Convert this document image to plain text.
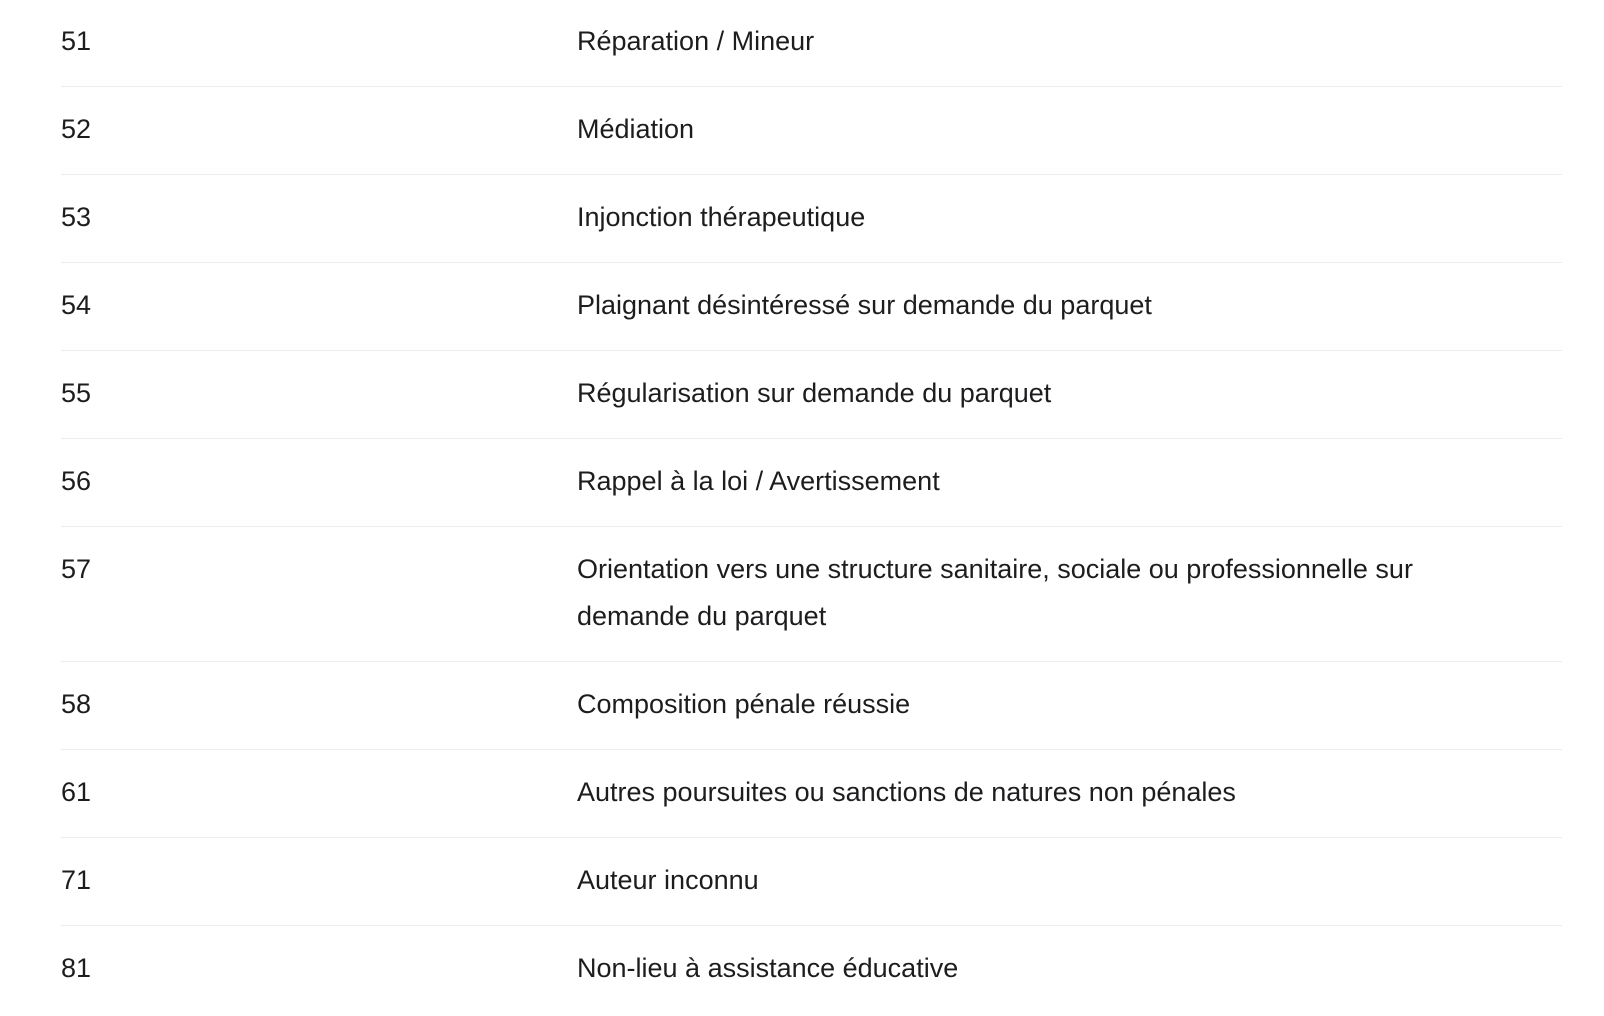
51	Réparation / Mineur
52	Médiation
53	Injonction thérapeutique
54	Plaignant désintéressé sur demande du parquet
55	Régularisation sur demande du parquet
56	Rappel à la loi / Avertissement
57	Orientation vers une structure sanitaire, sociale ou professionnelle sur demande du parquet
58	Composition pénale réussie
61	Autres poursuites ou sanctions de natures non pénales
71	Auteur inconnu
81	Non-lieu à assistance éducative
